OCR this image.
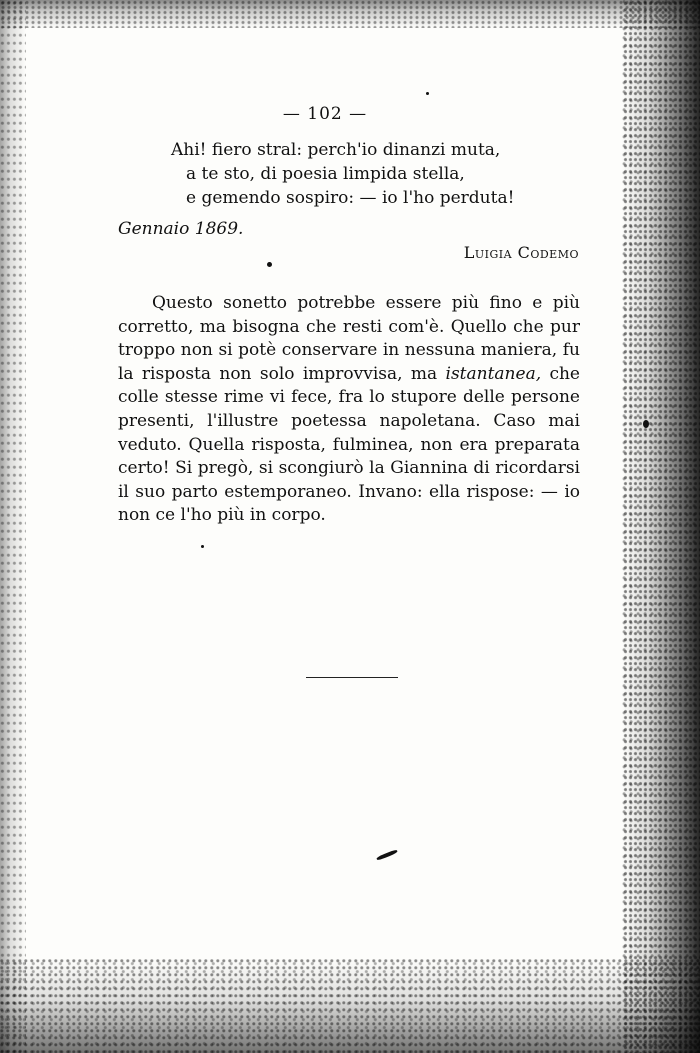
— 102 —
Ahi! fiero stral: perch'io dinanzi muta,
a te sto, di poesia limpida stella,
e gemendo sospiro: — io l'ho perduta!
Gennaio 1869.
Luigia Codemo

Questo sonetto potrebbe essere più fino e più corretto, ma bisogna che resti com'è. Quello che pur troppo non si potè conservare in nessuna maniera, fu la risposta non solo improvvisa, ma istantanea, che colle stesse rime vi fece, fra lo stupore delle persone presenti, l'illustre poetessa napoletana. Caso mai veduto. Quella risposta, fulminea, non era preparata certo! Si pregò, si scongiurò la Giannina di ricordarsi il suo parto estemporaneo. Invano: ella rispose: — io non ce l'ho più in corpo.
